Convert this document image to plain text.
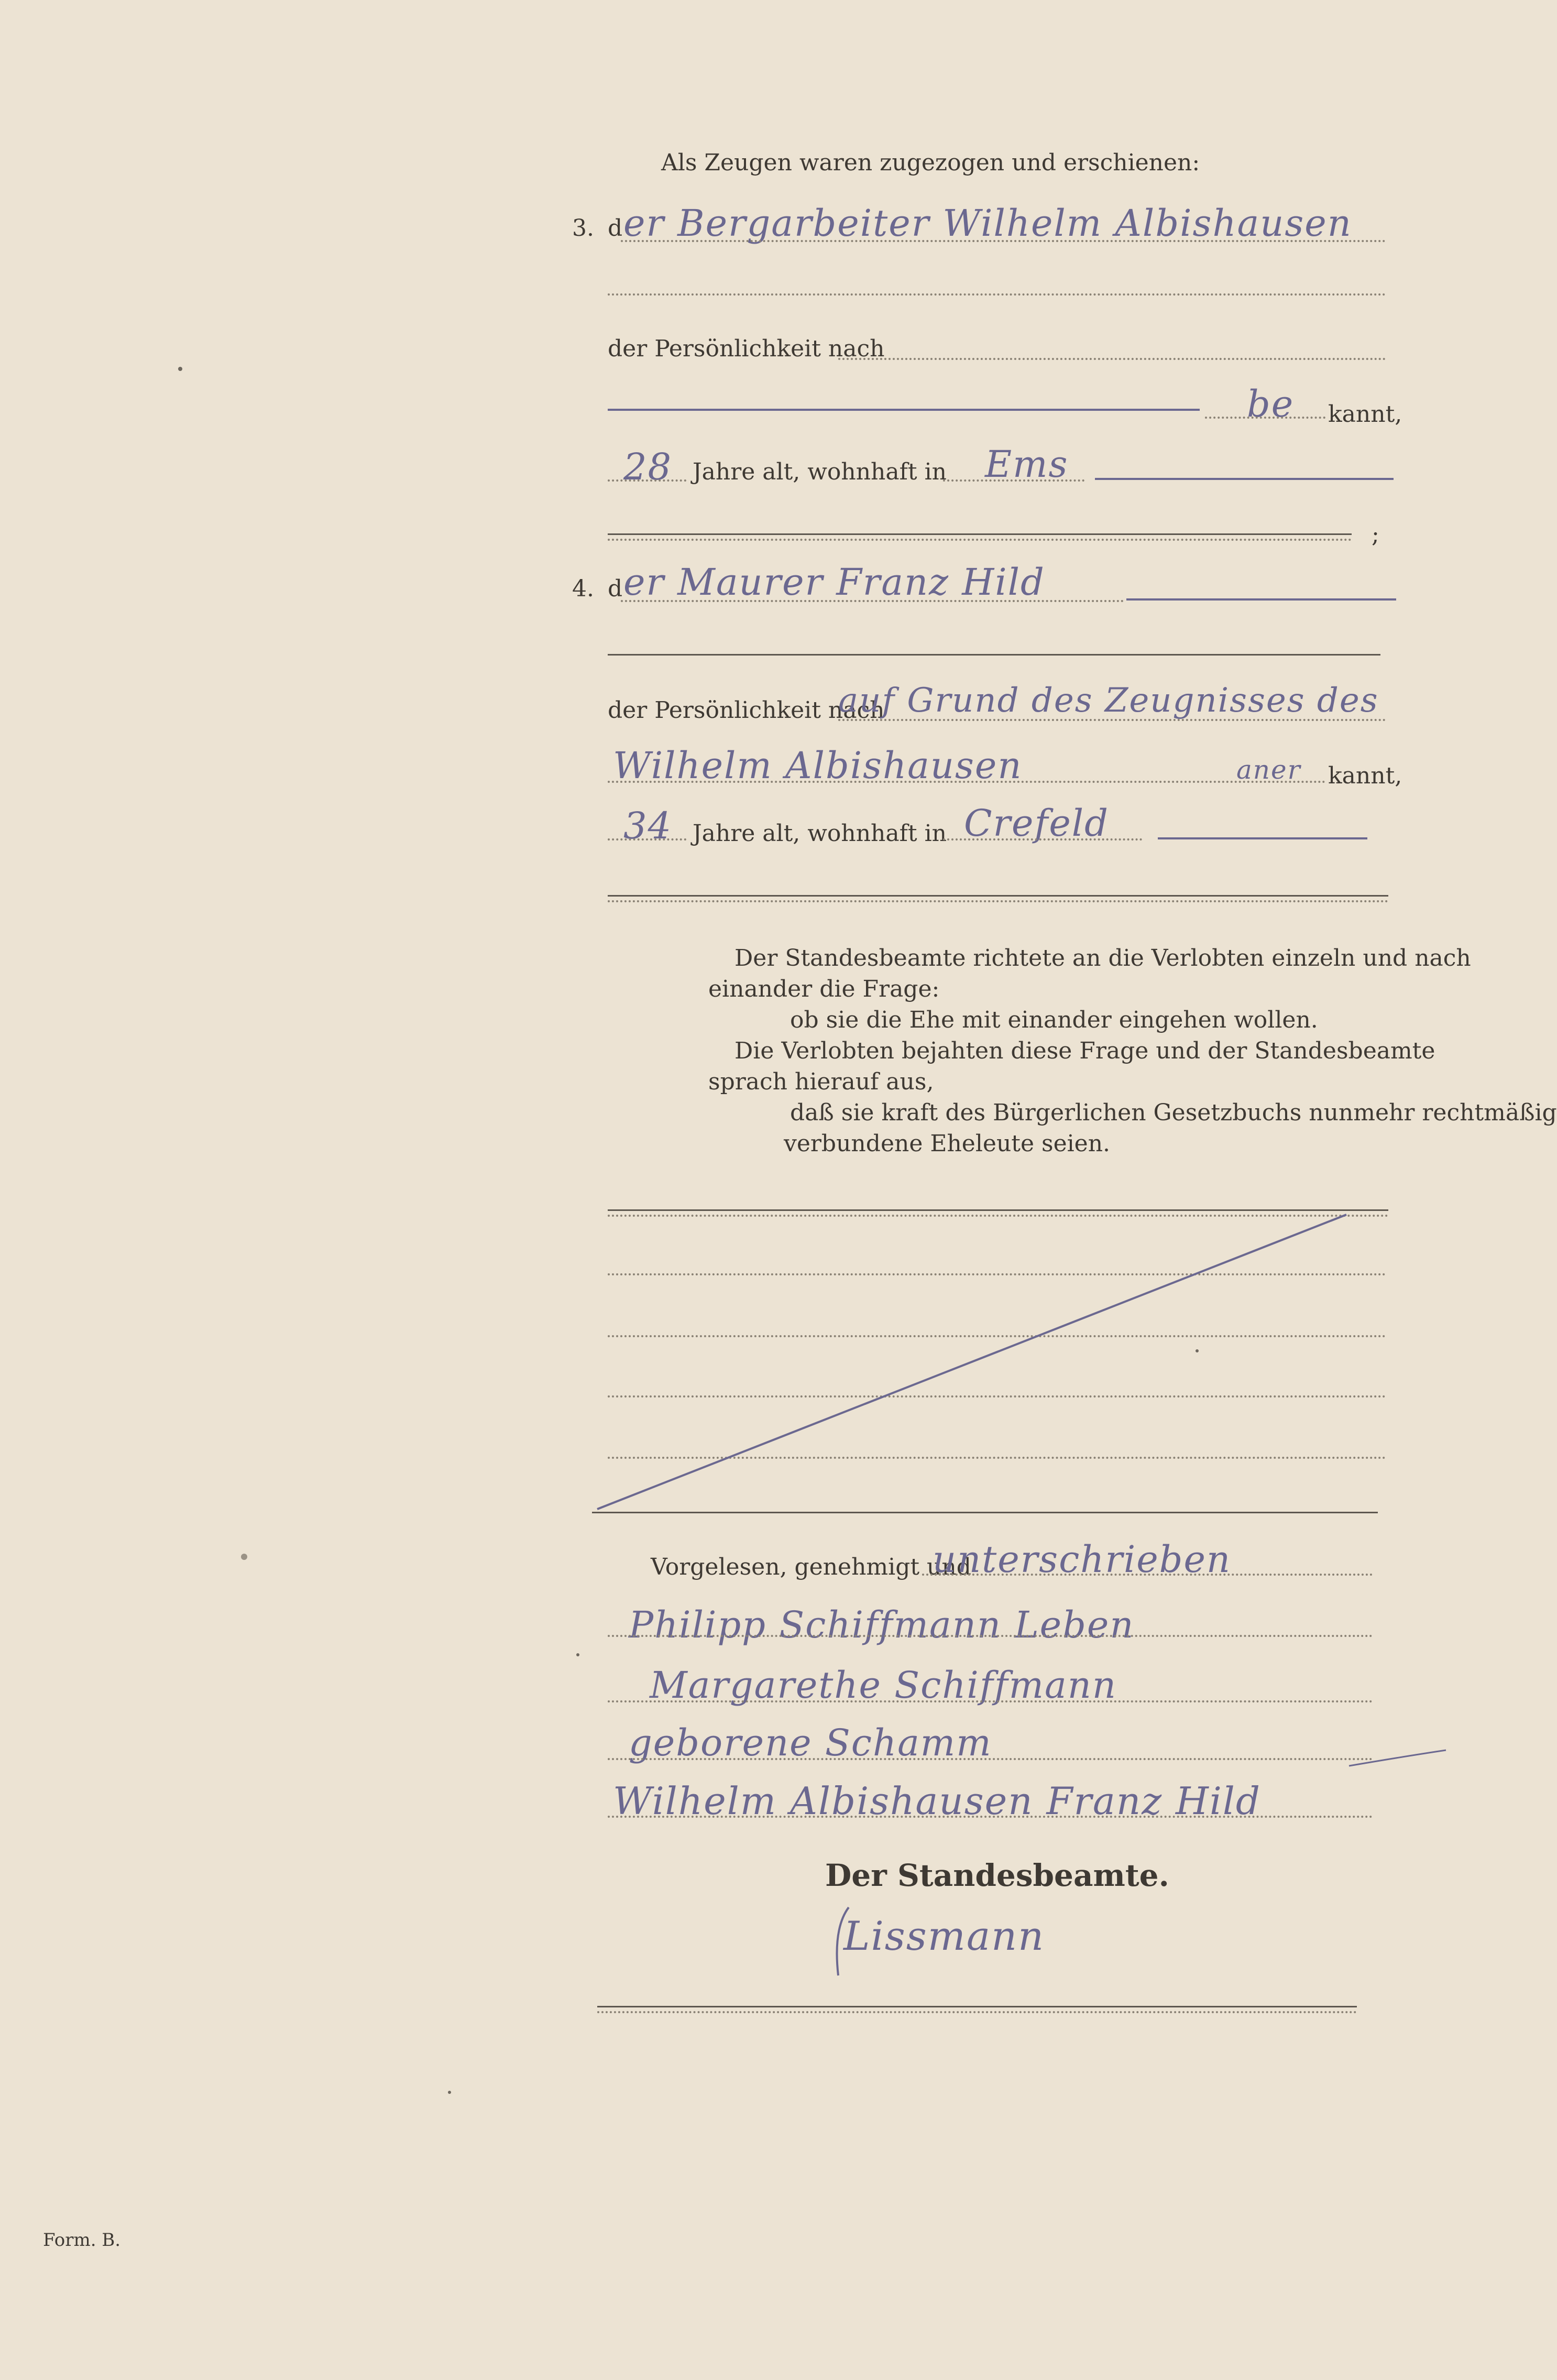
Als Zeugen waren zugezogen und erschienen:
3. d er Bergarbeiter Wilhelm Albishausen
der Persönlichkeit nach
be kannt,
28 Jahre alt, wohnhaft in Ems
;
4. d er Maurer Franz Hild
der Persönlichkeit nach
auf Grund des Zeugnisses des
Wilhelm Albishausen	aner kannt,
34 Jahre alt, wohnhaft in Crefeld
Der Standesbeamte richtete an die Verlobten einzeln und nach
einander die Frage:
ob sie die Ehe mit einander eingehen wollen.
Die Verlobten bejahten diese Frage und der Standesbeamte
sprach hierauf aus,
daß sie kraft des Bürgerlichen Gesetzbuchs nunmehr rechtmäßig
verbundene Eheleute seien.
Vorgelesen, genehmigt und
unterschrieben
Philipp Schiffmann Leben
Margarethe Schiffmann
geborene Schamm
Wilhelm Albishausen Franz Hild
Der Standesbeamte.
Lissmann
Form. B.
